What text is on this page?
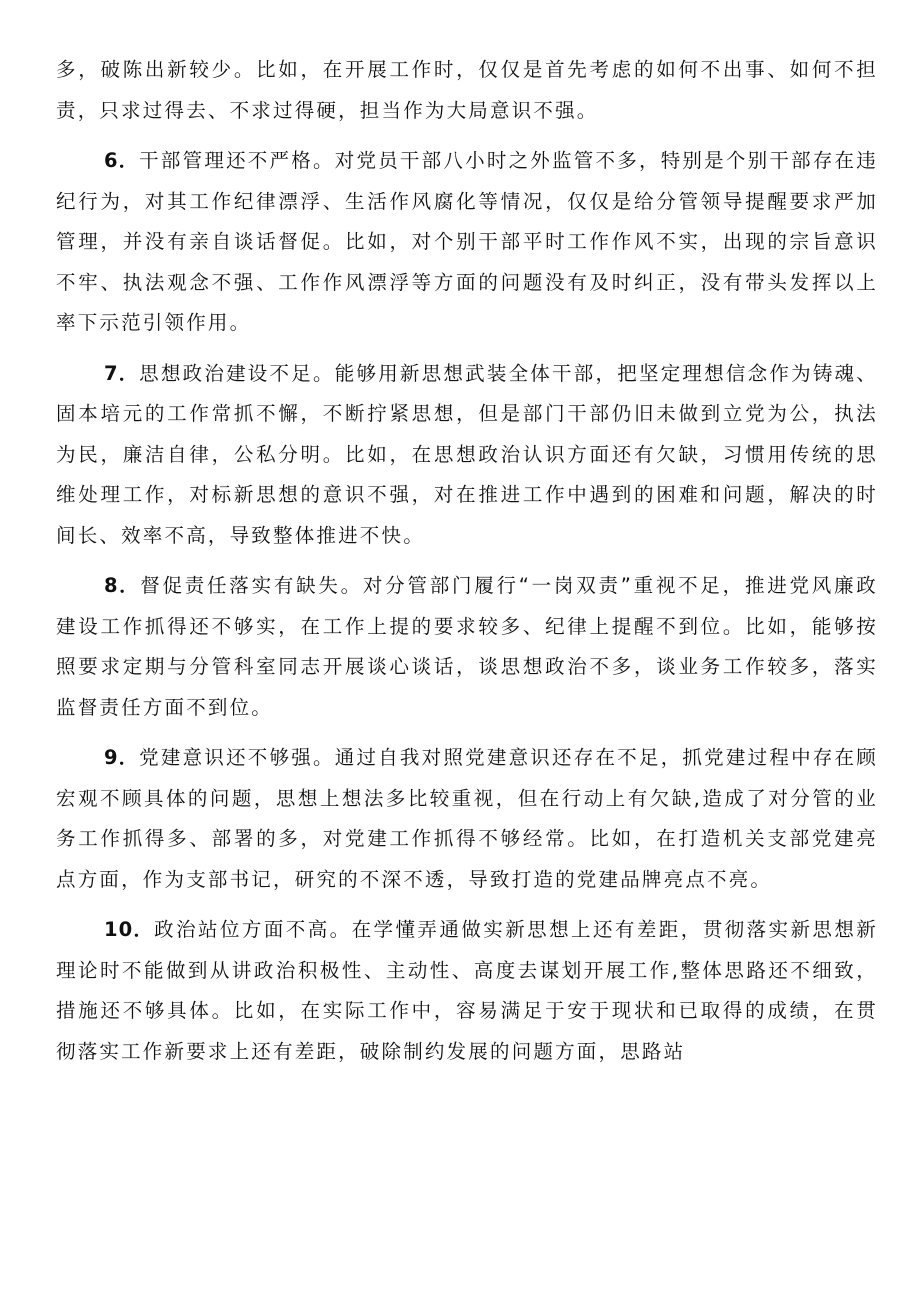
多，破陈出新较少。比如，在开展工作时，仅仅是首先考虑的如何不出事、如何不担责，只求过得去、不求过得硬，担当作为大局意识不强。

6．干部管理还不严格。对党员干部八小时之外监管不多，特别是个别干部存在违纪行为，对其工作纪律漂浮、生活作风腐化等情况，仅仅是给分管领导提醒要求严加管理，并没有亲自谈话督促。比如，对个别干部平时工作作风不实，出现的宗旨意识不牢、执法观念不强、工作作风漂浮等方面的问题没有及时纠正，没有带头发挥以上率下示范引领作用。

7．思想政治建设不足。能够用新思想武装全体干部，把坚定理想信念作为铸魂、固本培元的工作常抓不懈，不断拧紧思想，但是部门干部仍旧未做到立党为公，执法为民，廉洁自律，公私分明。比如，在思想政治认识方面还有欠缺，习惯用传统的思维处理工作，对标新思想的意识不强，对在推进工作中遇到的困难和问题，解决的时间长、效率不高，导致整体推进不快。

8．督促责任落实有缺失。对分管部门履行“一岗双责”重视不足，推进党风廉政建设工作抓得还不够实，在工作上提的要求较多、纪律上提醒不到位。比如，能够按照要求定期与分管科室同志开展谈心谈话，谈思想政治不多，谈业务工作较多，落实监督责任方面不到位。

9．党建意识还不够强。通过自我对照党建意识还存在不足，抓党建过程中存在顾宏观不顾具体的问题，思想上想法多比较重视，但在行动上有欠缺,造成了对分管的业务工作抓得多、部署的多，对党建工作抓得不够经常。比如，在打造机关支部党建亮点方面，作为支部书记，研究的不深不透，导致打造的党建品牌亮点不亮。

10．政治站位方面不高。在学懂弄通做实新思想上还有差距，贯彻落实新思想新理论时不能做到从讲政治积极性、主动性、高度去谋划开展工作,整体思路还不细致，措施还不够具体。比如，在实际工作中，容易满足于安于现状和已取得的成绩，在贯彻落实工作新要求上还有差距，破除制约发展的问题方面，思路站
